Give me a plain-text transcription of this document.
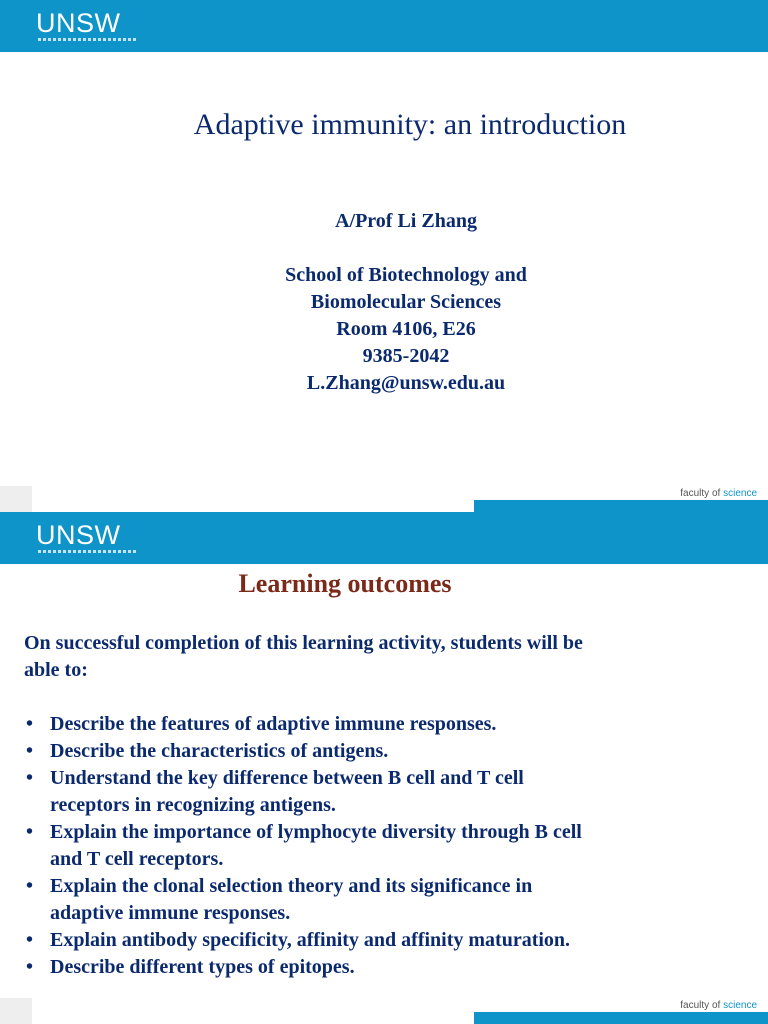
UNSW
Adaptive immunity: an introduction
A/Prof Li Zhang
School of Biotechnology and
Biomolecular Sciences
Room 4106, E26
9385-2042
L.Zhang@unsw.edu.au
faculty of science
UNSW
Learning outcomes
On successful completion of this learning activity, students will be
able to:
• Describe the features of adaptive immune responses.
• Describe the characteristics of antigens.
• Understand the key difference between B cell and T cell
receptors in recognizing antigens.
• Explain the importance of lymphocyte diversity through B cell
and T cell receptors.
• Explain the clonal selection theory and its significance in
adaptive immune responses.
• Explain antibody specificity, affinity and affinity maturation.
• Describe different types of epitopes.
faculty of science
